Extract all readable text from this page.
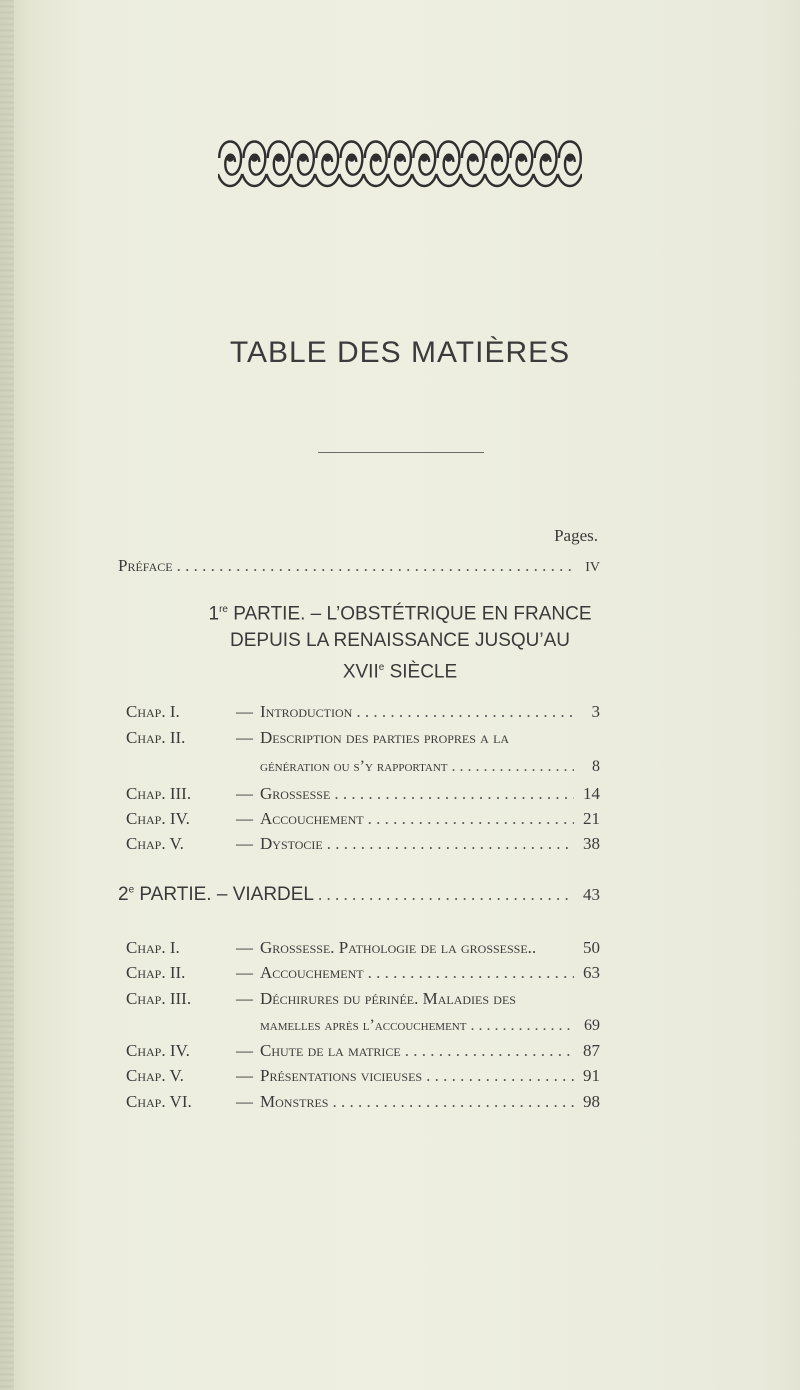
TABLE DES MATIÈRES
Pages.
Préface . . .	IV
1re PARTIE. – L’OBSTÉTRIQUE EN FRANCE
DEPUIS LA RENAISSANCE JUSQU’AU
XVIIe SIÈCLE
Chap. I.	— Introduction . . .	3
Chap. II.	— Description des parties propres a la
génération ou s’y rapportant . . .	8
Chap. III.	— Grossesse . . .	14
Chap. IV.	— Accouchement . . .	21
Chap. V.	— Dystocie . . .	38
2e PARTIE. – VIARDEL . . .	43
Chap. I.	— Grossesse. Pathologie de la grossesse..	50
Chap. II.	— Accouchement . . .	63
Chap. III.	— Déchirures du périnée. Maladies des
mamelles après l’accouchement . . .	69
Chap. IV.	— Chute de la matrice . . .	87
Chap. V.	— Présentations vicieuses . . .	91
Chap. VI.	— Monstres . . .	98
